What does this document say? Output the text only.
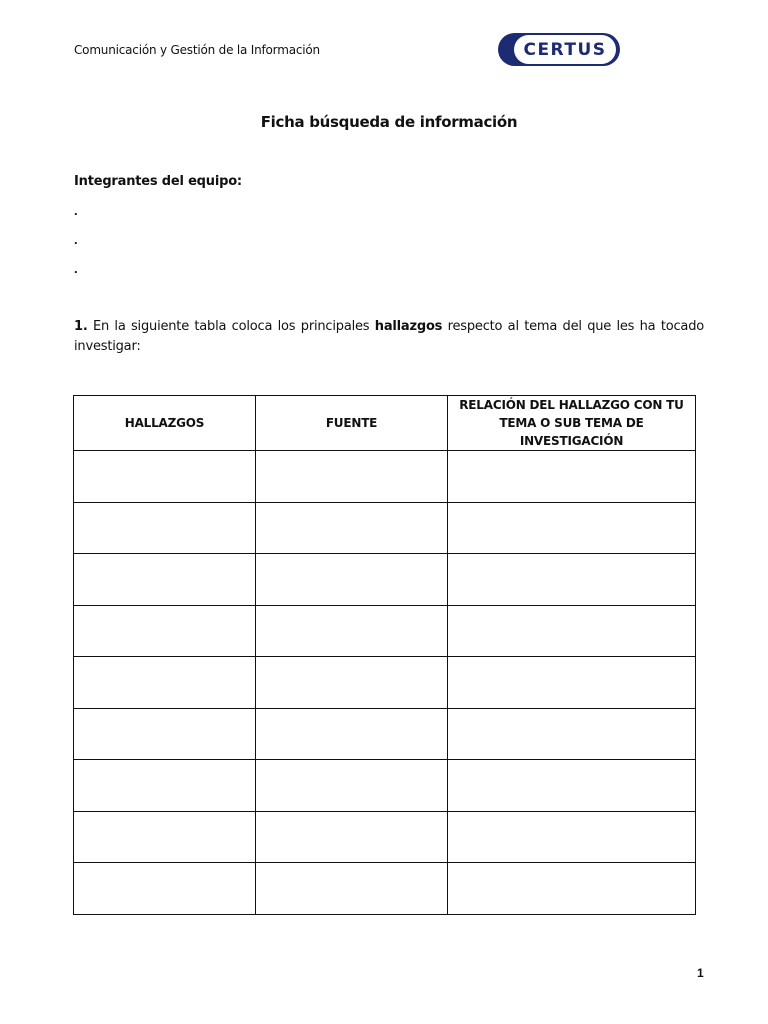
Comunicación y Gestión de la Información	CERTUS
Ficha búsqueda de información
Integrantes del equipo:
.
.
.
1. En la siguiente tabla coloca los principales hallazgos respecto al tema del que les ha tocado investigar:
HALLAZGOS	FUENTE	RELACIÓN DEL HALLAZGO CON TU TEMA O SUB TEMA DE INVESTIGACIÓN

1
